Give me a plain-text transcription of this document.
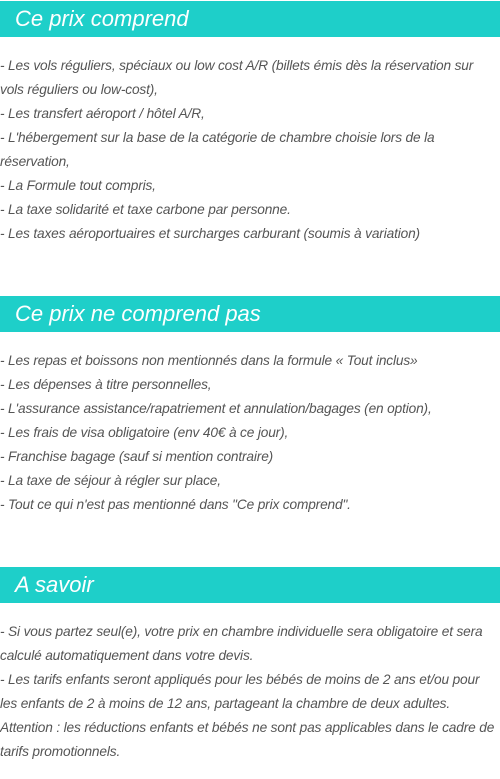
Ce prix comprend
- Les vols réguliers, spéciaux ou low cost A/R (billets émis dès la réservation sur vols réguliers ou low-cost),
- Les transfert aéroport / hôtel A/R,
- L'hébergement sur la base de la catégorie de chambre choisie lors de la réservation,
- La Formule tout compris,
- La taxe solidarité et taxe carbone par personne.
- Les taxes aéroportuaires et surcharges carburant (soumis à variation)
Ce prix ne comprend pas
- Les repas et boissons non mentionnés dans la formule « Tout inclus»
- Les dépenses à titre personnelles,
- L'assurance assistance/rapatriement et annulation/bagages (en option),
- Les frais de visa obligatoire (env 40€ à ce jour),
- Franchise bagage (sauf si mention contraire)
- La taxe de séjour à régler sur place,
- Tout ce qui n'est pas mentionné dans "Ce prix comprend".
A savoir
- Si vous partez seul(e), votre prix en chambre individuelle sera obligatoire et sera calculé automatiquement dans votre devis.
- Les tarifs enfants seront appliqués pour les bébés de moins de 2 ans et/ou pour les enfants de 2 à moins de 12 ans, partageant la chambre de deux adultes.
Attention : les réductions enfants et bébés ne sont pas applicables dans le cadre de tarifs promotionnels.
